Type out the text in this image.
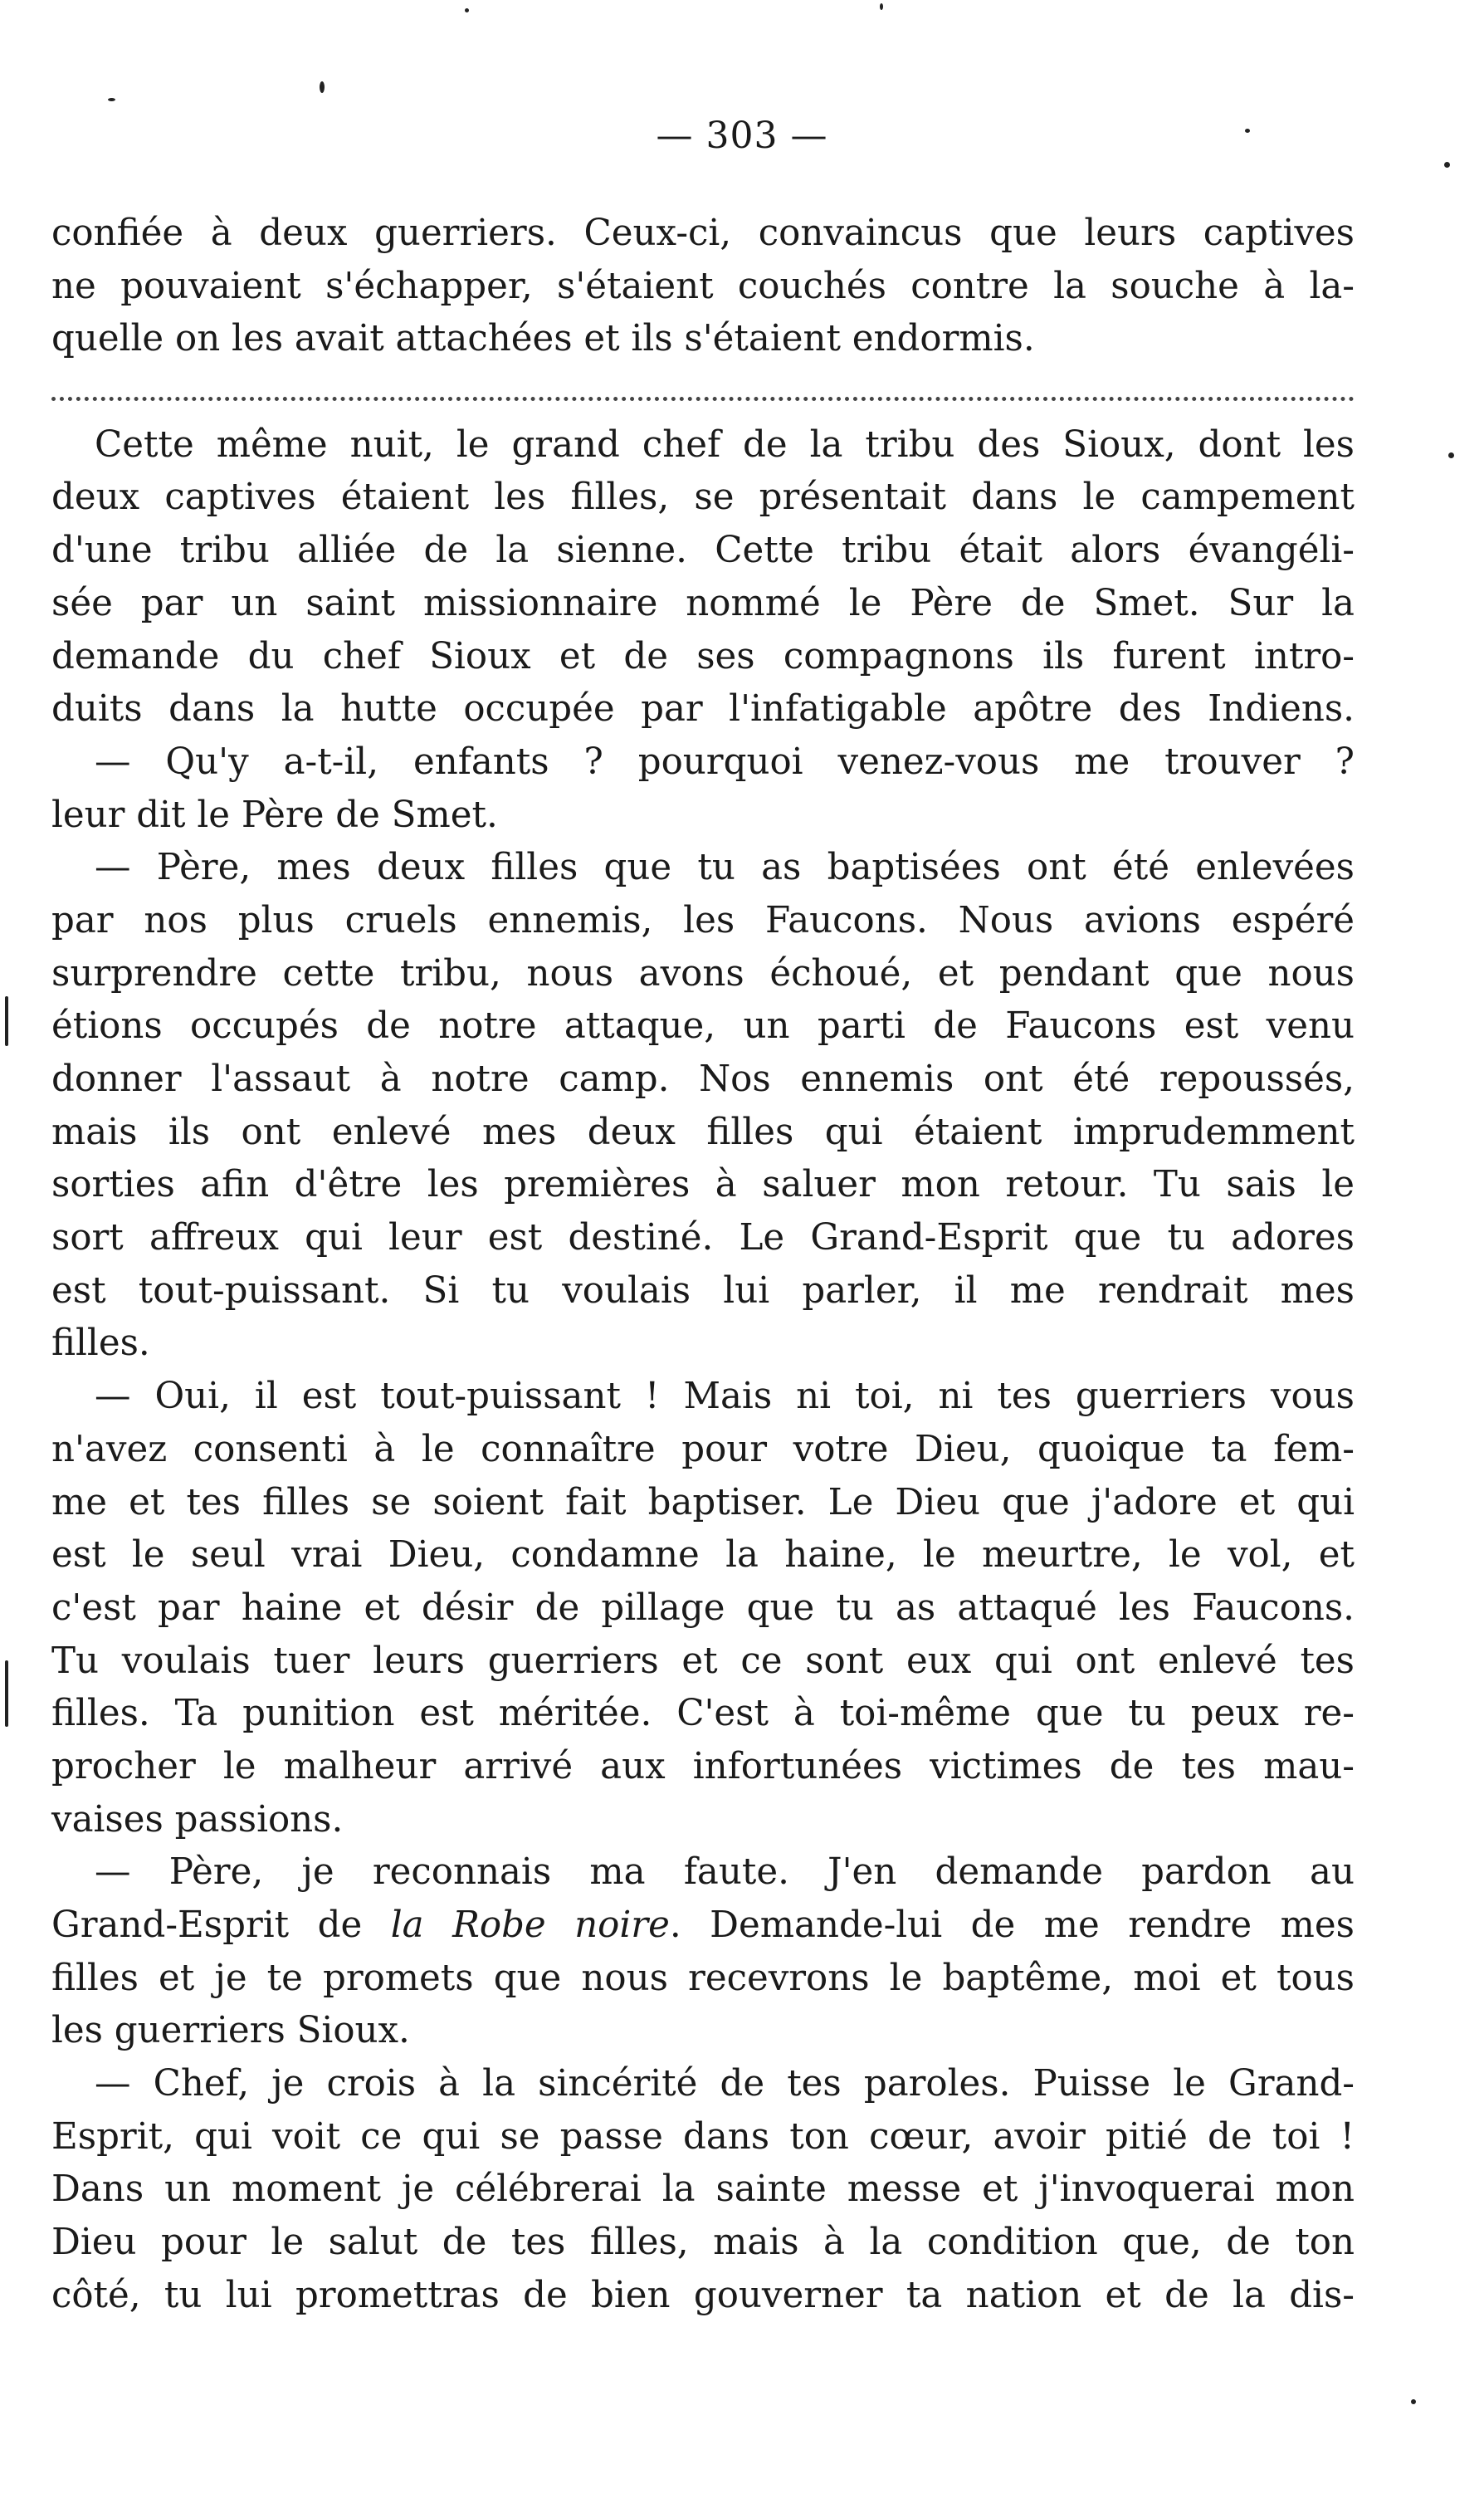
— 303 —
confiée à deux guerriers. Ceux-ci, convaincus que leurs captives
ne pouvaient s'échapper, s'étaient couchés contre la souche à la-
quelle on les avait attachées et ils s'étaient endormis.
Cette même nuit, le grand chef de la tribu des Sioux, dont les
deux captives étaient les filles, se présentait dans le campement
d'une tribu alliée de la sienne. Cette tribu était alors évangéli-
sée par un saint missionnaire nommé le Père de Smet. Sur la
demande du chef Sioux et de ses compagnons ils furent intro-
duits dans la hutte occupée par l'infatigable apôtre des Indiens.
— Qu'y a-t-il, enfants ? pourquoi venez-vous me trouver ?
leur dit le Père de Smet.
— Père, mes deux filles que tu as baptisées ont été enlevées
par nos plus cruels ennemis, les Faucons. Nous avions espéré
surprendre cette tribu, nous avons échoué, et pendant que nous
étions occupés de notre attaque, un parti de Faucons est venu
donner l'assaut à notre camp. Nos ennemis ont été repoussés,
mais ils ont enlevé mes deux filles qui étaient imprudemment
sorties afin d'être les premières à saluer mon retour. Tu sais le
sort affreux qui leur est destiné. Le Grand-Esprit que tu adores
est tout-puissant. Si tu voulais lui parler, il me rendrait mes
filles.
— Oui, il est tout-puissant ! Mais ni toi, ni tes guerriers vous
n'avez consenti à le connaître pour votre Dieu, quoique ta fem-
me et tes filles se soient fait baptiser. Le Dieu que j'adore et qui
est le seul vrai Dieu, condamne la haine, le meurtre, le vol, et
c'est par haine et désir de pillage que tu as attaqué les Faucons.
Tu voulais tuer leurs guerriers et ce sont eux qui ont enlevé tes
filles. Ta punition est méritée. C'est à toi-même que tu peux re-
procher le malheur arrivé aux infortunées victimes de tes mau-
vaises passions.
— Père, je reconnais ma faute. J'en demande pardon au
Grand-Esprit de la Robe noire. Demande-lui de me rendre mes
filles et je te promets que nous recevrons le baptême, moi et tous
les guerriers Sioux.
— Chef, je crois à la sincérité de tes paroles. Puisse le Grand-
Esprit, qui voit ce qui se passe dans ton cœur, avoir pitié de toi !
Dans un moment je célébrerai la sainte messe et j'invoquerai mon
Dieu pour le salut de tes filles, mais à la condition que, de ton
côté, tu lui promettras de bien gouverner ta nation et de la dis-
